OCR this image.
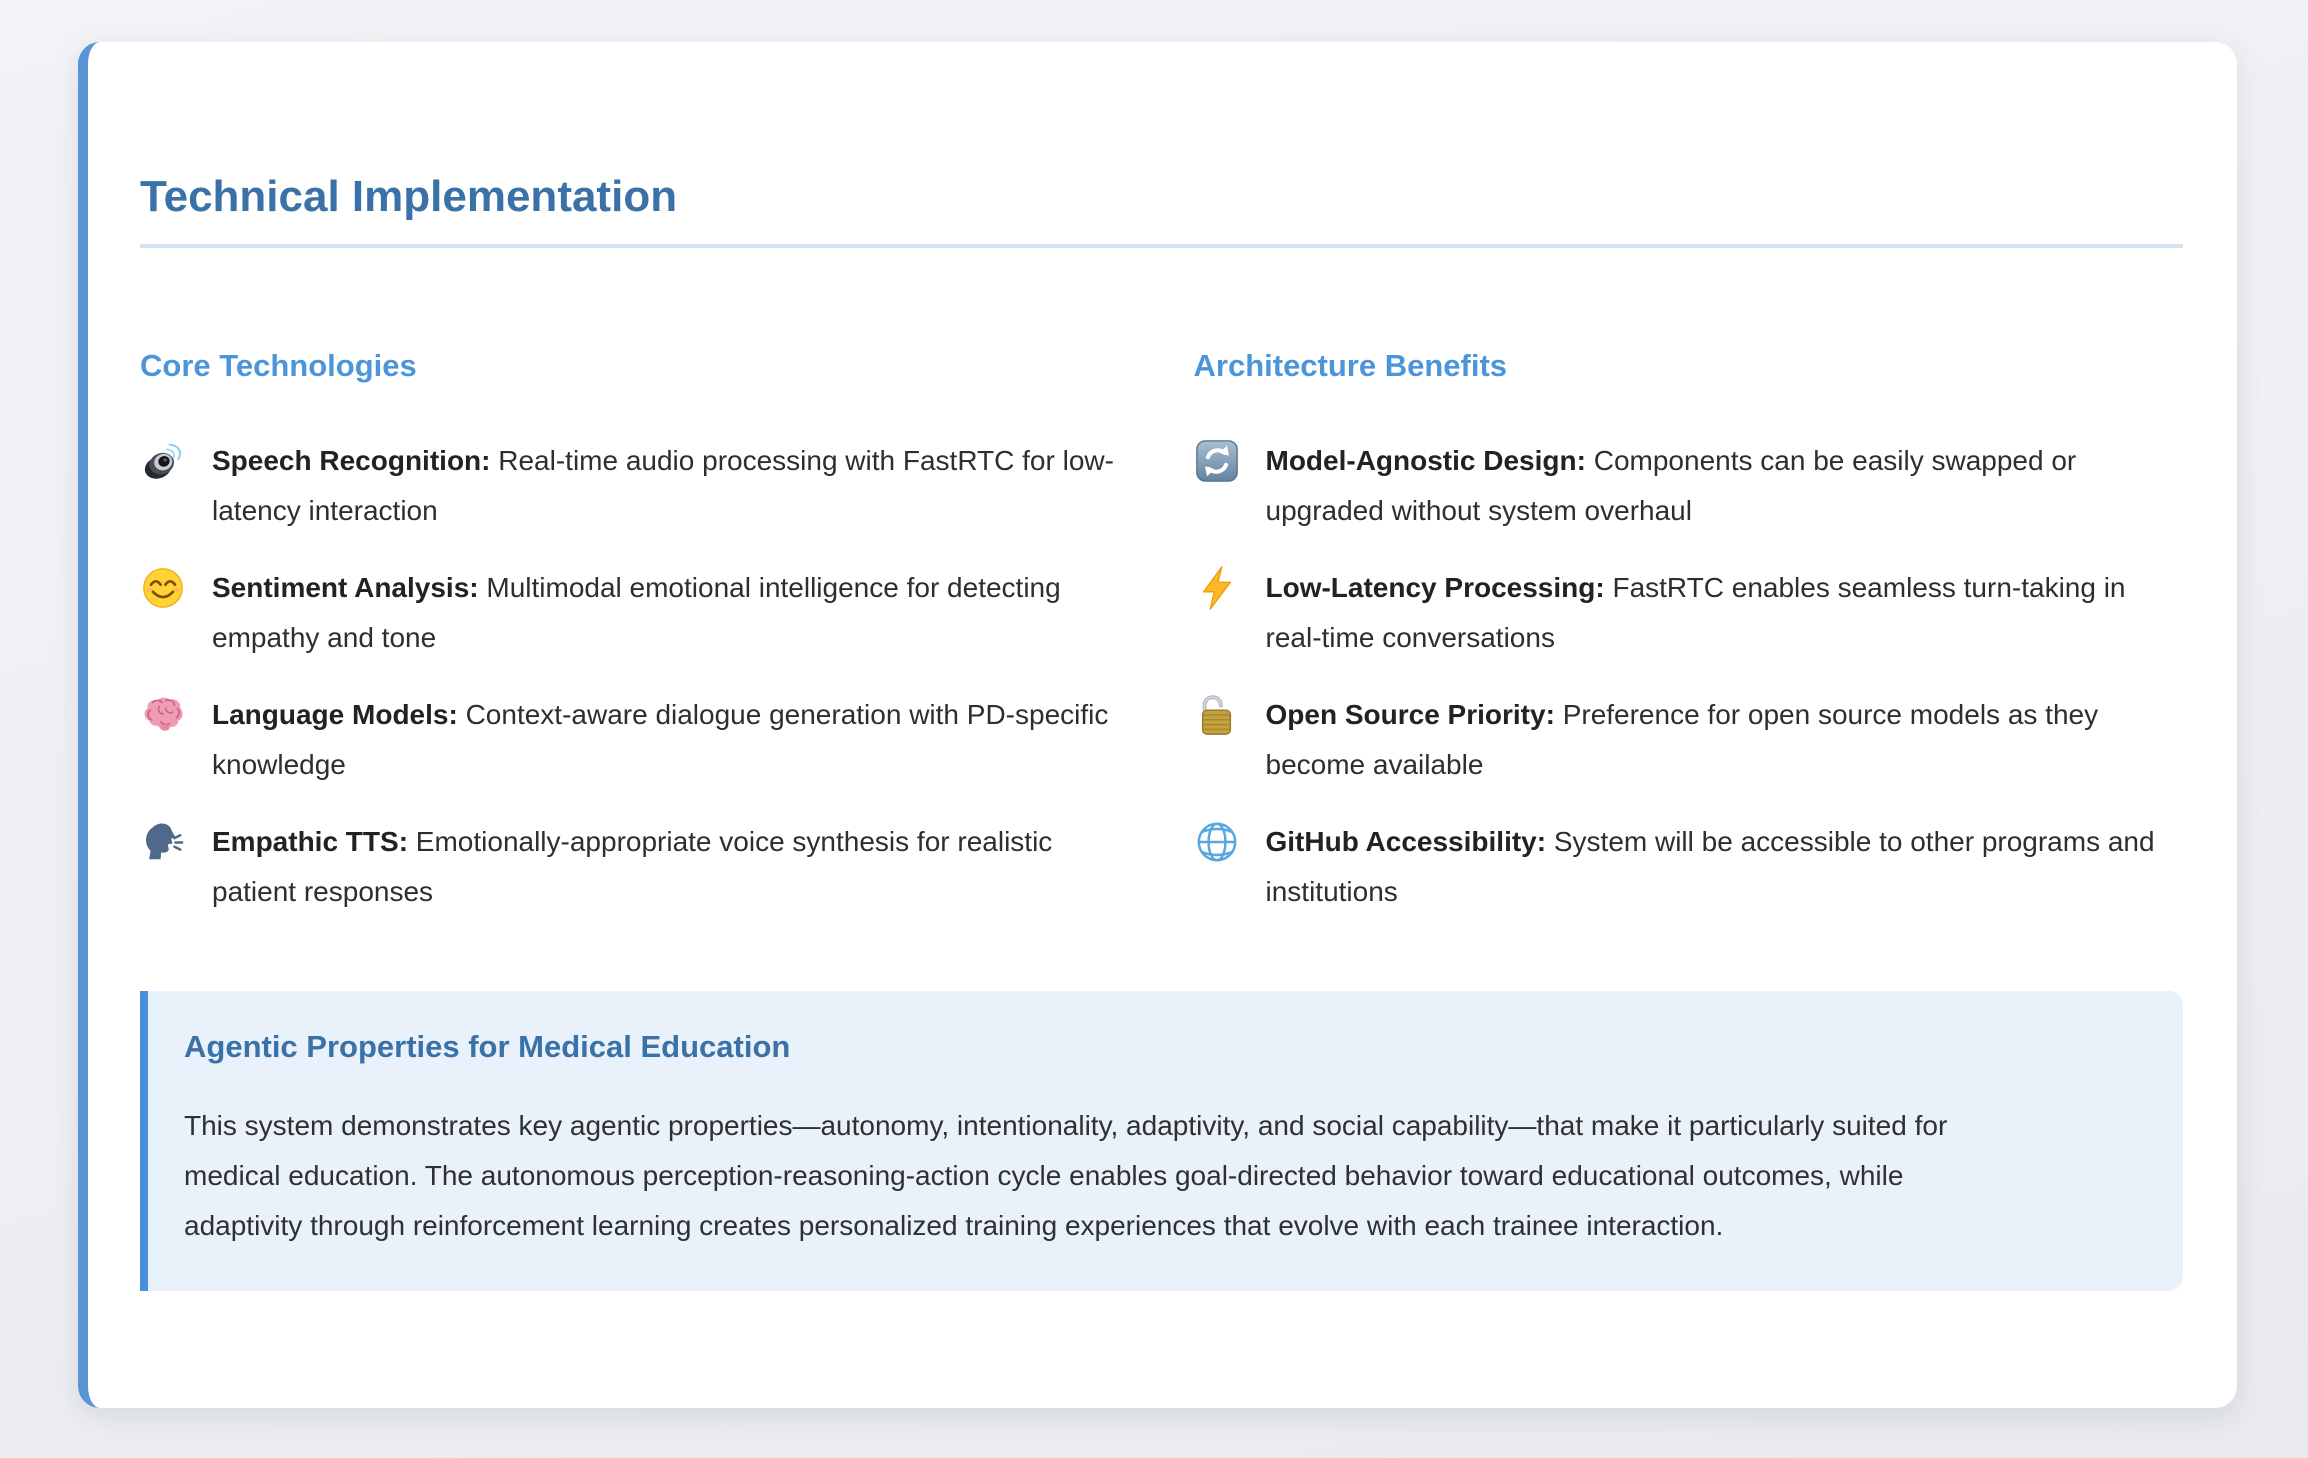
Technical Implementation
Core Technologies

Speech Recognition: Real-time audio processing with FastRTC for low-latency interaction

Sentiment Analysis: Multimodal emotional intelligence for detecting empathy and tone

Language Models: Context-aware dialogue generation with PD-specific knowledge

Empathic TTS: Emotionally-appropriate voice synthesis for realistic patient responses

Architecture Benefits

Model-Agnostic Design: Components can be easily swapped or upgraded without system overhaul

Low-Latency Processing: FastRTC enables seamless turn-taking in real-time conversations

Open Source Priority: Preference for open source models as they become available

GitHub Accessibility: System will be accessible to other programs and institutions

Agentic Properties for Medical Education

This system demonstrates key agentic properties—autonomy, intentionality, adaptivity, and social capability—that make it particularly suited for medical education. The autonomous perception-reasoning-action cycle enables goal-directed behavior toward educational outcomes, while adaptivity through reinforcement learning creates personalized training experiences that evolve with each trainee interaction.
